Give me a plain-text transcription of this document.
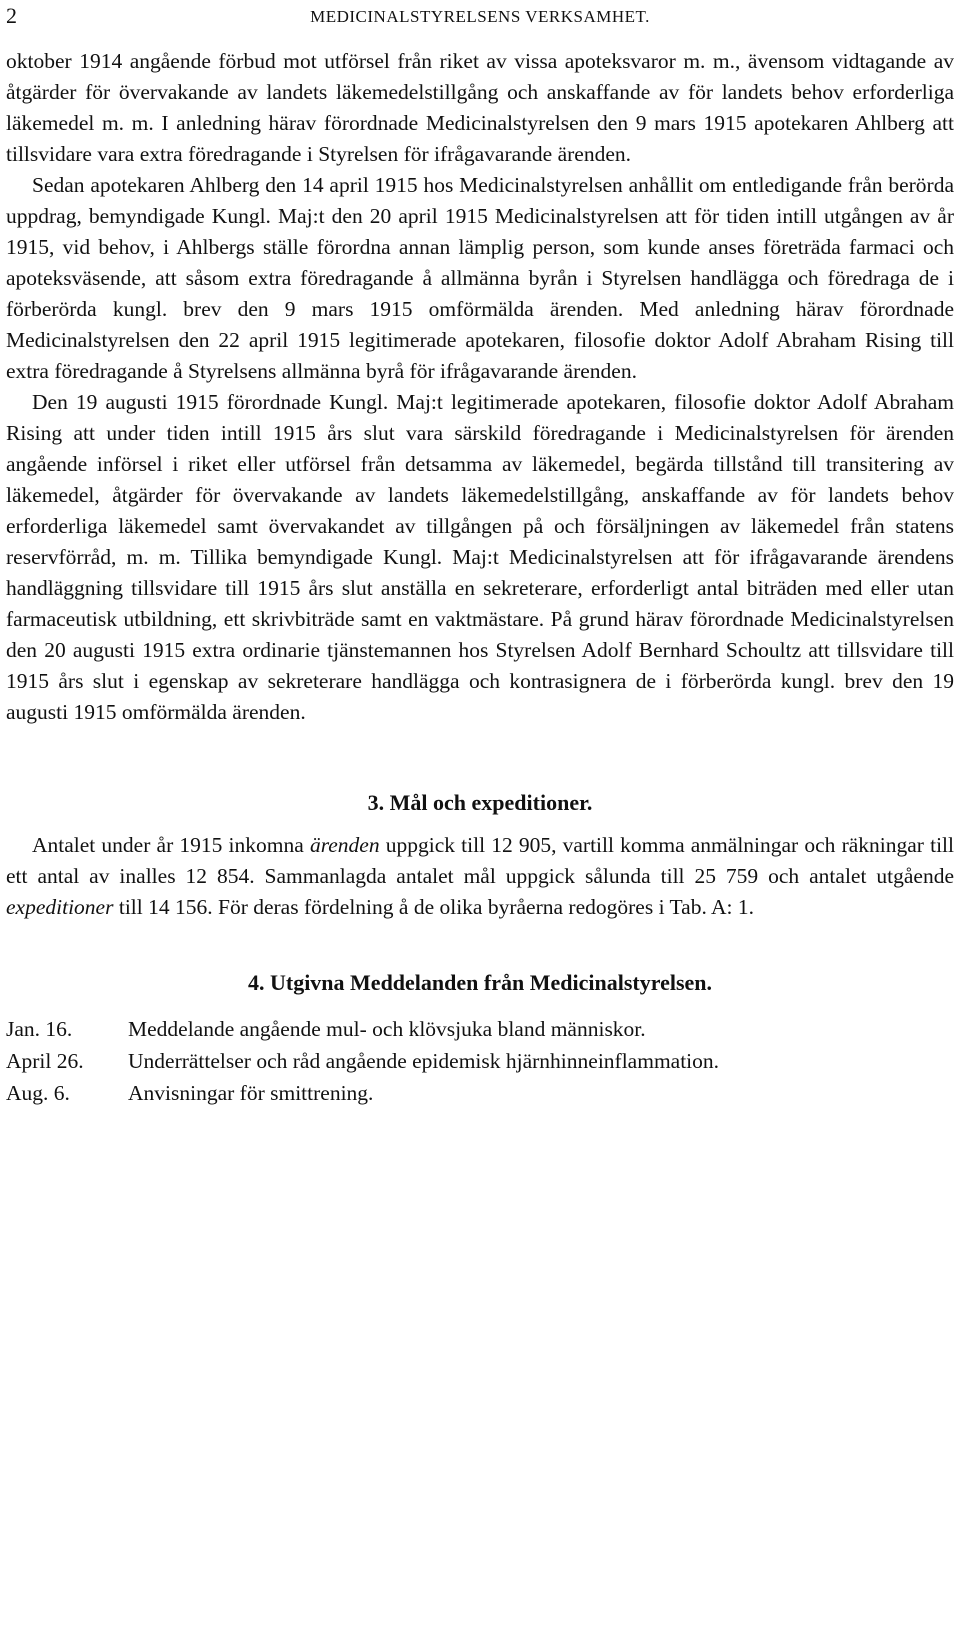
2	MEDICINALSTYRELSENS VERKSAMHET.

oktober 1914 angående förbud mot utförsel från riket av vissa apoteksvaror m. m., ävensom vidtagande av åtgärder för övervakande av landets läkemedelstillgång och anskaffande av för landets behov erforderliga läkemedel m. m. I anledning härav förordnade Medicinalstyrelsen den 9 mars 1915 apotekaren Ahlberg att tillsvidare vara extra föredragande i Styrelsen för ifrågavarande ärenden.

Sedan apotekaren Ahlberg den 14 april 1915 hos Medicinalstyrelsen anhållit om entledigande från berörda uppdrag, bemyndigade Kungl. Maj:t den 20 april 1915 Medicinalstyrelsen att för tiden intill utgången av år 1915, vid behov, i Ahlbergs ställe förordna annan lämplig person, som kunde anses företräda farmaci och apoteksväsende, att såsom extra föredragande å allmänna byrån i Styrelsen handlägga och föredraga de i förberörda kungl. brev den 9 mars 1915 omförmälda ärenden. Med anledning härav förordnade Medicinalstyrelsen den 22 april 1915 legitimerade apotekaren, filosofie doktor Adolf Abraham Rising till extra föredragande å Styrelsens allmänna byrå för ifrågavarande ärenden.

Den 19 augusti 1915 förordnade Kungl. Maj:t legitimerade apotekaren, filosofie doktor Adolf Abraham Rising att under tiden intill 1915 års slut vara särskild föredragande i Medicinalstyrelsen för ärenden angående införsel i riket eller utförsel från detsamma av läkemedel, begärda tillstånd till transitering av läkemedel, åtgärder för övervakande av landets läkemedelstillgång, anskaffande av för landets behov erforderliga läkemedel samt övervakandet av tillgången på och försäljningen av läkemedel från statens reservförråd, m. m. Tillika bemyndigade Kungl. Maj:t Medicinalstyrelsen att för ifrågavarande ärendens handläggning tillsvidare till 1915 års slut anställa en sekreterare, erforderligt antal biträden med eller utan farmaceutisk utbildning, ett skrivbiträde samt en vaktmästare. På grund härav förordnade Medicinalstyrelsen den 20 augusti 1915 extra ordinarie tjänstemannen hos Styrelsen Adolf Bernhard Schoultz att tillsvidare till 1915 års slut i egenskap av sekreterare handlägga och kontrasignera de i förberörda kungl. brev den 19 augusti 1915 omförmälda ärenden.

3. Mål och expeditioner.

Antalet under år 1915 inkomna ärenden uppgick till 12 905, vartill komma anmälningar och räkningar till ett antal av inalles 12 854. Sammanlagda antalet mål uppgick sålunda till 25 759 och antalet utgående expeditioner till 14 156. För deras fördelning å de olika byråerna redogöres i Tab. A: 1.

4. Utgivna Meddelanden från Medicinalstyrelsen.
Jan. 16.	Meddelande angående mul- och klövsjuka bland människor.
April 26.	Underrättelser och råd angående epidemisk hjärnhinneinflammation.
Aug. 6.	Anvisningar för smittrening.
